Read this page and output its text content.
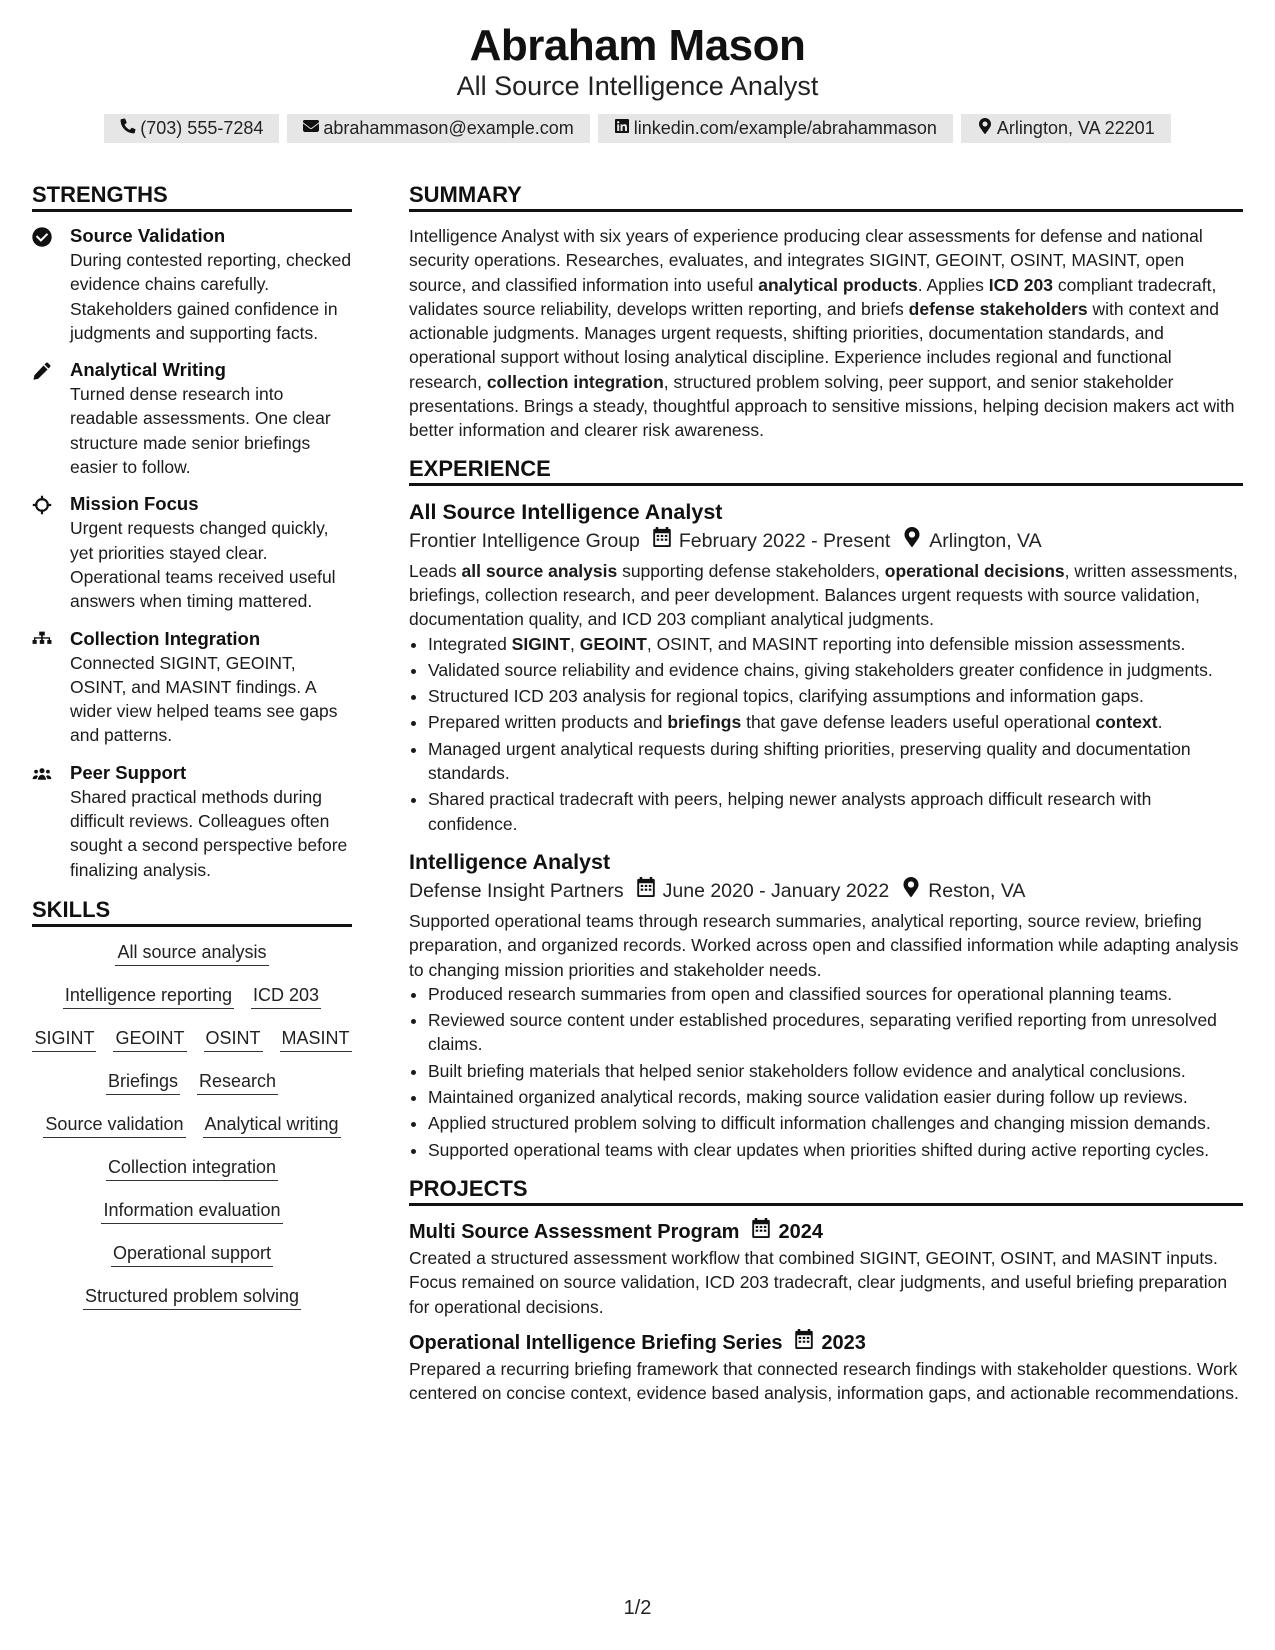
Abraham Mason
All Source Intelligence Analyst
(703) 555-7284	abrahammason@example.com	linkedin.com/example/abrahammason	Arlington, VA 22201
STRENGTHS
Source Validation
During contested reporting, checked evidence chains carefully. Stakeholders gained confidence in judgments and supporting facts.
Analytical Writing
Turned dense research into readable assessments. One clear structure made senior briefings easier to follow.
Mission Focus
Urgent requests changed quickly, yet priorities stayed clear. Operational teams received useful answers when timing mattered.
Collection Integration
Connected SIGINT, GEOINT, OSINT, and MASINT findings. A wider view helped teams see gaps and patterns.
Peer Support
Shared practical methods during difficult reviews. Colleagues often sought a second perspective before finalizing analysis.
SKILLS
All source analysis
Intelligence reporting ICD 203
SIGINT GEOINT OSINT MASINT
Briefings Research
Source validation Analytical writing
Collection integration
Information evaluation
Operational support
Structured problem solving
SUMMARY

Intelligence Analyst with six years of experience producing clear assessments for defense and national security operations. Researches, evaluates, and integrates SIGINT, GEOINT, OSINT, MASINT, open source, and classified information into useful analytical products. Applies ICD 203 compliant tradecraft, validates source reliability, develops written reporting, and briefs defense stakeholders with context and actionable judgments. Manages urgent requests, shifting priorities, documentation standards, and operational support without losing analytical discipline. Experience includes regional and functional research, collection integration, structured problem solving, peer support, and senior stakeholder presentations. Brings a steady, thoughtful approach to sensitive missions, helping decision makers act with better information and clearer risk awareness.

EXPERIENCE
All Source Intelligence Analyst
Frontier Intelligence Group February 2022 - Present Arlington, VA
Leads all source analysis supporting defense stakeholders, operational decisions, written assessments, briefings, collection research, and peer development. Balances urgent requests with source validation, documentation quality, and ICD 203 compliant analytical judgments.
• Integrated SIGINT, GEOINT, OSINT, and MASINT reporting into defensible mission assessments.
• Validated source reliability and evidence chains, giving stakeholders greater confidence in judgments.
• Structured ICD 203 analysis for regional topics, clarifying assumptions and information gaps.
• Prepared written products and briefings that gave defense leaders useful operational context.
• Managed urgent analytical requests during shifting priorities, preserving quality and documentation standards.
• Shared practical tradecraft with peers, helping newer analysts approach difficult research with confidence.
Intelligence Analyst
Defense Insight Partners June 2020 - January 2022 Reston, VA
Supported operational teams through research summaries, analytical reporting, source review, briefing preparation, and organized records. Worked across open and classified information while adapting analysis to changing mission priorities and stakeholder needs.
• Produced research summaries from open and classified sources for operational planning teams.
• Reviewed source content under established procedures, separating verified reporting from unresolved claims.
• Built briefing materials that helped senior stakeholders follow evidence and analytical conclusions.
• Maintained organized analytical records, making source validation easier during follow up reviews.
• Applied structured problem solving to difficult information challenges and changing mission demands.
• Supported operational teams with clear updates when priorities shifted during active reporting cycles.
PROJECTS
Multi Source Assessment Program 2024
Created a structured assessment workflow that combined SIGINT, GEOINT, OSINT, and MASINT inputs. Focus remained on source validation, ICD 203 tradecraft, clear judgments, and useful briefing preparation for operational decisions.
Operational Intelligence Briefing Series 2023
Prepared a recurring briefing framework that connected research findings with stakeholder questions. Work centered on concise context, evidence based analysis, information gaps, and actionable recommendations.
1/2
